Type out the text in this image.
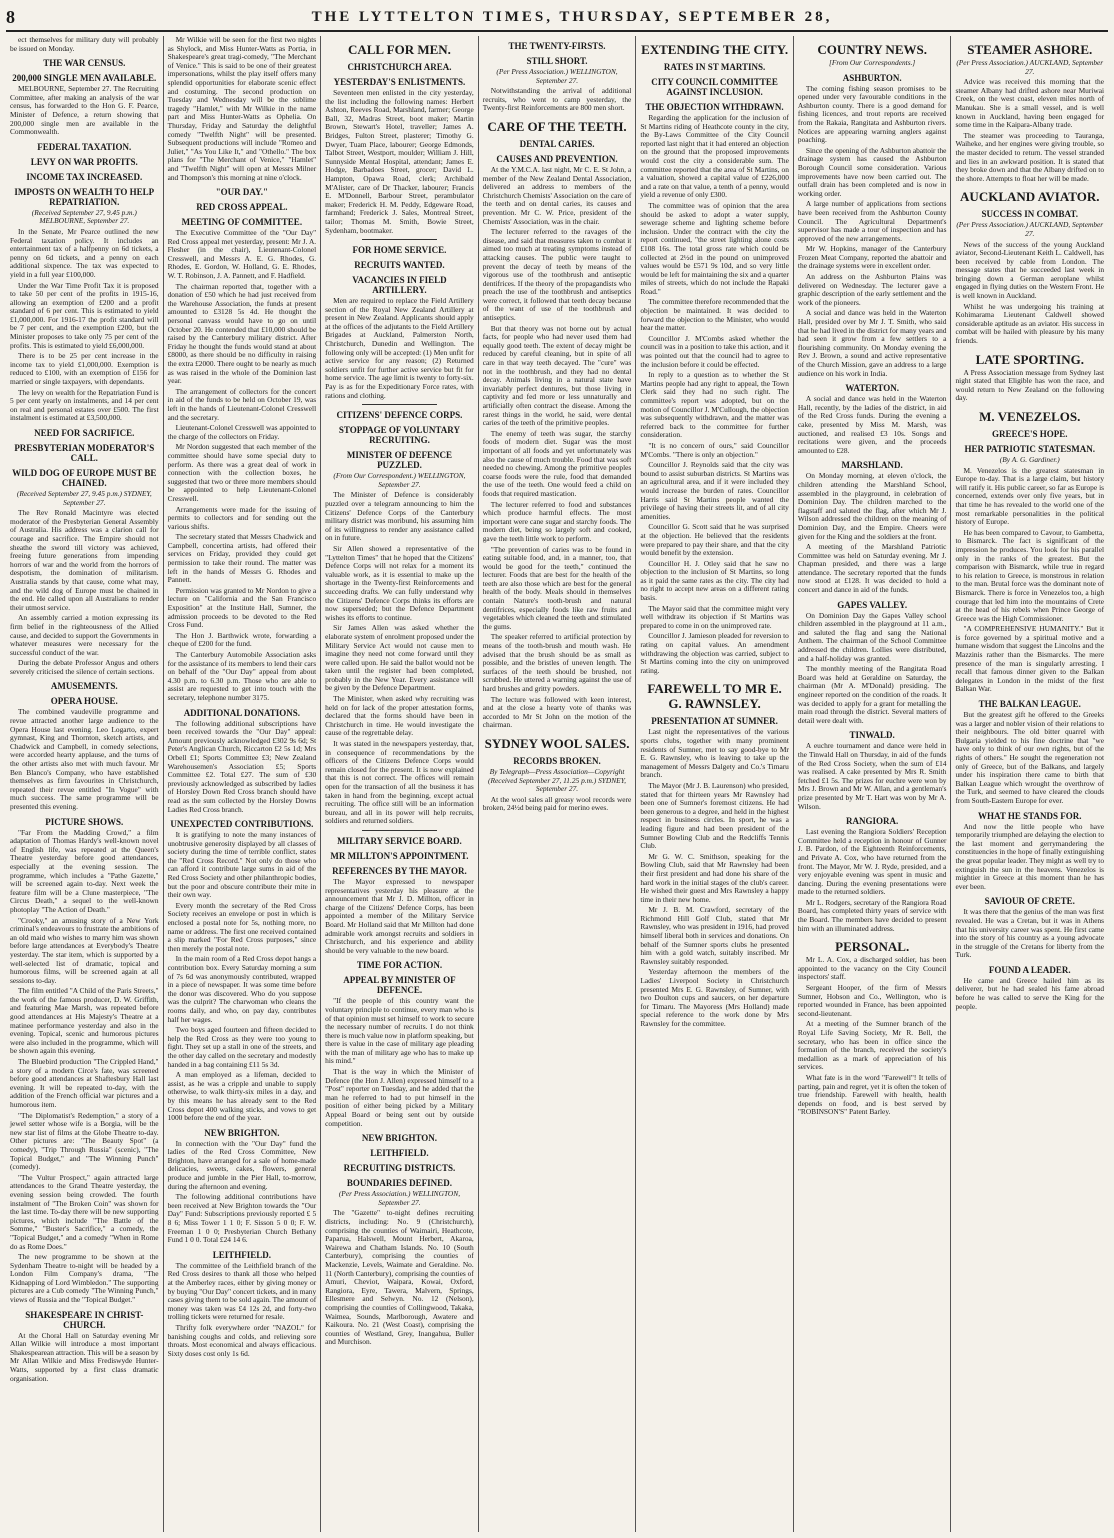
8	THE LYTTELTON TIMES, THURSDAY, SEPTEMBER 28,

ect themselves for military duty will probably be issued on Monday.

THE WAR CENSUS.
200,000 SINGLE MEN AVAILABLE.

MELBOURNE, September 27. The Recruiting Committee, after making an analysis of the war census, has forwarded to the Hon G. F. Pearce, Minister of Defence, a return showing that 200,000 single men are available in the Commonwealth.

FEDERAL TAXATION.
LEVY ON WAR PROFITS.
INCOME TAX INCREASED.
IMPOSTS ON WEALTH TO HELP REPATRIATION.
(Received September 27, 9.45 p.m.) MELBOURNE, September 27.

In the Senate, Mr Pearce outlined the new Federal taxation policy. It includes an entertainment tax of a halfpenny on 6d tickets, a penny on 6d tickets, and a penny on each additional sixpence. The tax was expected to yield in a full year £100,000.

Under the War Time Profit Tax it is proposed to take 50 per cent of the profits in 1915-16, allowing an exemption of £200 and a profit standard of 6 per cent. This is estimated to yield £1,000,000. For 1916-17 the profit standard will be 7 per cent, and the exemption £200, but the Minister proposes to take only 75 per cent of the profits. This is estimated to yield £6,000,000.

There is to be 25 per cent increase in the income tax to yield £1,000,000. Exemption is reduced to £100, with an exemption of £156 for married or single taxpayers, with dependants.

The levy on wealth for the Repatriation Fund is 5 per cent yearly on instalments, and 14 per cent on real and personal estates over £500. The first instalment is estimated at £3,500,000.

NEED FOR SACRIFICE.
PRESBYTERIAN MODERATOR'S CALL.
WILD DOG OF EUROPE MUST BE CHAINED.
(Received September 27, 9.45 p.m.) SYDNEY, September 27.

The Rev Ronald Macintyre was elected moderator of the Presbyterian General Assembly of Australia. His address was a clarion call for courage and sacrifice. The Empire should not sheathe the sword till victory was achieved, freeing future generations from impending horrors of war and the world from the horrors of despotism, the domination of militarism. Australia stands by that cause, come what may, and the wild dog of Europe must be chained in the end. He called upon all Australians to render their utmost service.

An assembly carried a motion expressing its firm belief in the righteousness of the Allied cause, and decided to support the Governments in whatever measures were necessary for the successful conduct of the war.

During the debate Professor Angus and others severely criticised the silence of certain sections.

AMUSEMENTS.
OPERA HOUSE.

The combined vaudeville programme and revue attracted another large audience to the Opera House last evening. Leo Logarto, expert gymnast, King and Thornton, sketch artists, and Chadwick and Campbell, in comedy selections, were accorded hearty applause, and the turns of the other artists also met with much favour. Mr Ben Blanco's Company, who have established themselves as firm favourites in Christchurch, repeated their revue entitled "In Vogue" with much success. The same programme will be presented this evening.

PICTURE SHOWS.

"Far From the Madding Crowd," a film adaptation of Thomas Hardy's well-known novel of English life, was repeated at the Queen's Theatre yesterday before good attendances, especially at the evening session. The programme, which includes a "Pathe Gazette," will be screened again to-day. Next week the feature film will be a Clune masterpiece, "The Circus Death," a sequel to the well-known photoplay "The Action of Death."

"Crooky," an amusing story of a New York criminal's endeavours to frustrate the ambitions of an old maid who wishes to marry him was shown before large attendances at Everybody's Theatre yesterday. The star item, which is supported by a well-selected list of dramatic, topical and humorous films, will be screened again at all sessions to-day.

The film entitled "A Child of the Paris Streets," the work of the famous producer, D. W. Griffith, and featuring Mae Marsh, was repeated before good attendances at His Majesty's Theatre at a matinee performance yesterday and also in the evening. Topical, scenic and humorous pictures were also included in the programme, which will be shown again this evening.

The Bluebird production "The Crippled Hand," a story of a modern Circe's fate, was screened before good attendances at Shaftesbury Hall last evening. It will be repeated to-day, with the addition of the French official war pictures and a humorous item.

"The Diplomatist's Redemption," a story of a jewel setter whose wife is a Borgia, will be the new star list of films at the Globe Theatre to-day. Other pictures are: "The Beauty Spot" (a comedy), "Trip Through Russia" (scenic), "The Topical Budget," and "The Winning Punch" (comedy).

"The Vultur Prospect," again attracted large attendances to the Grand Theatre yesterday, the evening session being crowded. The fourth instalment of "The Broken Coin" was shown for the last time. To-day there will be new supporting pictures, which include "The Battle of the Somme," "Buster's Sacrifice," a comedy, the "Topical Budget," and a comedy "When in Rome do as Rome Does."

The new programme to be shown at the Sydenham Theatre to-night will be headed by a London Film Company's drama, "The Kidnapping of Lord Wimbledon." The supporting pictures are a Cub comedy "The Winning Punch," views of Russia and the "Topical Budget."

SHAKESPEARE IN CHRIST-CHURCH.

At the Choral Hall on Saturday evening Mr Allan Wilkie will introduce a most important Shakespearean attraction. This will be a season by Mr Allan Wilkie and Miss Frediswyde Hunter-Watts, supported by a first class dramatic organisation.

Mr Wilkie will be seen for the first two nights as Shylock, and Miss Hunter-Watts as Portia, in Shakespeare's great tragi-comedy, "The Merchant of Venice." This is said to be one of their greatest impersonations, whilst the play itself offers many splendid opportunities for elaborate scenic effect and costuming. The second production on Tuesday and Wednesday will be the sublime tragedy "Hamlet," with Mr Wilkie in the name part and Miss Hunter-Watts as Ophelia. On Thursday, Friday and Saturday the delightful comedy "Twelfth Night" will be presented. Subsequent productions will include "Romeo and Juliet," "As You Like It," and "Othello." The box plans for "The Merchant of Venice," "Hamlet" and "Twelfth Night" will open at Messrs Milner and Thompson's this morning at nine o'clock.

"OUR DAY."
RED CROSS APPEAL.
MEETING OF COMMITTEE.

The Executive Committee of the "Our Day" Red Cross appeal met yesterday, present: Mr J. A. Flesher (in the chair), Lieutenant-Colonel Cresswell, and Messrs A. E. G. Rhodes, G. Rhodes, E. Gordon, W. Holland, G. E. Rhodes, W. T. Robinson, J. A. Pannett, and F. Hadfield.

The chairman reported that, together with a donation of £50 which he had just received from the Warehouse Association, the funds at present amounted to £3128 5s 4d. He thought the personal canvass would have to go on until October 20. He contended that £10,000 should be raised by the Canterbury military district. After Friday he thought the funds would stand at about £8000, as there should be no difficulty in raising the extra £2000. There ought to be nearly as much as was raised in the whole of the Dominion last year.

The arrangement of collectors for the concert in aid of the funds to be held on October 19, was left in the hands of Lieutenant-Colonel Cresswell and the secretary.

Lieutenant-Colonel Cresswell was appointed to the charge of the collectors on Friday.

Mr Nordon suggested that each member of the committee should have some special duty to perform. As there was a great deal of work in connection with the collection boxes, he suggested that two or three more members should be appointed to help Lieutenant-Colonel Cresswell.

Arrangements were made for the issuing of permits to collectors and for sending out the various shifts.

The secretary stated that Messrs Chadwick and Campbell, concertina artists, had offered their services on Friday, provided they could get permission to take their round. The matter was left in the hands of Messrs G. Rhodes and Pannett.

Permission was granted to Mr Nordon to give a lecture on "California and the San Francisco Exposition" at the Institute Hall, Sumner, the admission proceeds to be devoted to the Red Cross Fund.

The Hon J. Barthwick wrote, forwarding a cheque of £200 for the fund.

The Canterbury Automobile Association asks for the assistance of its members to lend their cars on behalf of the "Our Day" appeal from about 4.30 p.m. to 6.30 p.m. Those who are able to assist are requested to get into touch with the secretary, telephone number 3175.

ADDITIONAL DONATIONS.

The following additional subscriptions have been received towards the "Our Day" appeal: Amount previously acknowledged £302 9s 6d; St Peter's Anglican Church, Riccarton £2 5s 1d; Mrs Orbell £1; Sports Committee £3; New Zealand Warehousemen's Association £5; Sports Committee £2. Total £27. The sum of £30 previously acknowledged as subscribed by ladies of Horsley Down Red Cross branch should have read as the sum collected by the Horsley Downs Ladies Red Cross branch.

UNEXPECTED CONTRIBUTIONS.

It is gratifying to note the many instances of unobtrusive generosity displayed by all classes of society during the time of terrible conflict, states the "Red Cross Record." Not only do those who can afford it contribute large sums in aid of the Red Cross Society and other philanthropic bodies, but the poor and obscure contribute their mite in their own way.

Every month the secretary of the Red Cross Society receives an envelope or post in which is enclosed a postal note for 5s, nothing more, no name or address. The first one received contained a slip marked "For Red Cross purposes," since then merely the postal note.

In the main room of a Red Cross depot hangs a contribution box. Every Saturday morning a sum of 7s 6d was anonymously contributed, wrapped in a piece of newspaper. It was some time before the donor was discovered. Who do you suppose was the culprit? The charwoman who cleans the rooms daily, and who, on pay day, contributes half her wages.

Two boys aged fourteen and fifteen decided to help the Red Cross as they were too young to fight. They set up a stall in one of the streets, and the other day called on the secretary and modestly handed in a bag containing £11 5s 3d.

A man employed as a lifeman, decided to assist, as he was a cripple and unable to supply otherwise, to walk thirty-six miles in a day, and by this means he has already sent to the Red Cross depot 400 walking sticks, and vows to get 1000 before the end of the year.

NEW BRIGHTON.

In connection with the "Our Day" fund the ladies of the Red Cross Committee, New Brighton, have arranged for a sale of home-made delicacies, sweets, cakes, flowers, general produce and jumble in the Pier Hall, to-morrow, during the afternoon and evening.

The following additional contributions have been received at New Brighton towards the "Our Day" Fund: Subscriptions previously reported £ 5 8 6; Miss Tower 1 1 0; F. Sisson 5 0 0; F. W. Freeman 1 0 0; Presbyterian Church Bethany Fund 1 0 0. Total £24 14 6.

LEITHFIELD.

The committee of the Leithfield branch of the Red Cross desires to thank all those who helped at the Amberley races, either by giving money or by buying "Our Day" concert tickets, and in many cases giving them to be sold again. The amount of money was taken was £4 12s 2d, and forty-two trolling tickets were returned for resale.

Thrifty folk everywhere order "NAZOL" for banishing coughs and colds, and relieving sore throats. Most economical and always efficacious. Sixty doses cost only 1s 6d.

CALL FOR MEN.
CHRISTCHURCH AREA.
YESTERDAY'S ENLISTMENTS.

Seventeen men enlisted in the city yesterday, the list including the following names: Herbert Ashton, Reeves Road, Marshland, farmer; George Ball, 32, Madras Street, boot maker; Martin Brown, Stewart's Hotel, traveller; James A. Bridges, Fulton Street, plasterer; Timothy G. Dwyer, Tuam Place, labourer; George Edmonds, Talbot Street, Westport, moulder; William J. Hill, Sunnyside Mental Hospital, attendant; James E. Hodge, Barbadoes Street, grocer; David L. Hampton, Opawa Road, clerk; Archibald M'Alister, care of Dr Thacker, labourer; Francis E. M'Donnell, Barbour Street, perambulator maker; Frederick H. M. Peddy, Edgeware Road, farmhand; Frederick J. Sales, Montreal Street, tailor; Thomas M. Smith, Bowie Street, Sydenham, bootmaker.

FOR HOME SERVICE.
RECRUITS WANTED.
VACANCIES IN FIELD ARTILLERY.

Men are required to replace the Field Artillery section of the Royal New Zealand Artillery at present in New Zealand. Applicants should apply at the offices of the adjutants to the Field Artillery Brigades at Auckland, Palmerston North, Christchurch, Dunedin and Wellington. The following only will be accepted: (1) Men unfit for active service for any reason; (2) Returned soldiers unfit for further active service but fit for home service. The age limit is twenty to forty-six. Pay is as for the Expeditionary Force rates, with rations and clothing.

CITIZENS' DEFENCE CORPS.
STOPPAGE OF VOLUNTARY RECRUITING.
MINISTER OF DEFENCE PUZZLED.
(From Our Correspondent.) WELLINGTON, September 27.

The Minister of Defence is considerably puzzled over a telegram announcing to him the Citizens' Defence Corps of the Canterbury military district was moribund, his assuming him of its willingness to render any assistance called on in future.

Sir Allen showed a representative of the "Lyttelton Times" that he hoped that the Citizens' Defence Corps will not relax for a moment its valuable work, as it is essential to make up the shortage in the Twenty-first Reinforcements and succeeding drafts. We can fully understand why the Citizens' Defence Corps thinks its efforts are now superseded; but the Defence Department wishes its efforts to continue.

Sir James Allen was asked whether the elaborate system of enrolment proposed under the Military Service Act would not cause men to imagine they need not come forward until they were called upon. He said the ballot would not be taken until the register had been completed, probably in the New Year. Every assistance will be given by the Defence Department.

The Minister, when asked why recruiting was held on for lack of the proper attestation forms, declared that the forms should have been in Christchurch in time. He would investigate the cause of the regrettable delay.

It was stated in the newspapers yesterday, that, in consequence of recommendations by the officers of the Citizens Defence Corps would remain closed for the present. It is now explained that this is not correct. The offices will remain open for the transaction of all the business it has taken in hand from the beginning, except actual recruiting. The office still will be an information bureau, and all in its power will help recruits, soldiers and returned soldiers.

MILITARY SERVICE BOARD.
MR MILLTON'S APPOINTMENT.
REFERENCES BY THE MAYOR.

The Mayor expressed to newspaper representatives yesterday his pleasure at the announcement that Mr J. D. Millton, officer in charge of the Citizens' Defence Corps, has been appointed a member of the Military Service Board. Mr Holland said that Mr Millton had done admirable work amongst recruits and soldiers in Christchurch, and his experience and ability should be very valuable to the new board.

TIME FOR ACTION.
APPEAL BY MINISTER OF DEFENCE.

"If the people of this country want the voluntary principle to continue, every man who is of that opinion must set himself to work to secure the necessary number of recruits. I do not think there is much value now in platform speaking, but there is value in the case of military age pleading with the man of military age who has to make up his mind."

That is the way in which the Minister of Defence (the Hon J. Allen) expressed himself to a "Post" reporter on Tuesday, and he added that the man he referred to had to put himself in the position of either being picked by a Military Appeal Board or being sent out by outside competition.

NEW BRIGHTON.
LEITHFIELD.
RECRUITING DISTRICTS.
BOUNDARIES DEFINED.
(Per Press Association.) WELLINGTON, September 27.

The "Gazette" to-night defines recruiting districts, including: No. 9 (Christchurch), comprising the counties of Waimairi, Heathcote, Paparua, Halswell, Mount Herbert, Akaroa, Wairewa and Chatham Islands. No. 10 (South Canterbury), comprising the counties of Mackenzie, Levels, Waimate and Geraldine. No. 11 (North Canterbury), comprising the counties of Amuri, Cheviot, Waipara, Kowai, Oxford, Rangiora, Eyre, Tawera, Malvern, Springs, Ellesmere and Selwyn. No. 12 (Nelson), comprising the counties of Collingwood, Takaka, Waimea, Sounds, Marlborough, Awatere and Kaikoura. No. 21 (West Coast), comprising the counties of Westland, Grey, Inangahua, Buller and Murchison.

THE TWENTY-FIRSTS.
STILL SHORT.
(Per Press Association.) WELLINGTON, September 27.

Notwithstanding the arrival of additional recruits, who went to camp yesterday, the Twenty-first Reinforcements are 800 men short.

CARE OF THE TEETH.
DENTAL CARIES.
CAUSES AND PREVENTION.

At the Y.M.C.A. last night, Mr C. E. St John, a member of the New Zealand Dental Association, delivered an address to members of the Christchurch Chemists' Association on the care of the teeth and on dental caries, its causes and prevention. Mr C. W. Price, president of the Chemists' Association, was in the chair.

The lecturer referred to the ravages of the disease, and said that measures taken to combat it aimed too much at treating symptoms instead of attacking causes. The public were taught to prevent the decay of teeth by means of the vigorous use of the toothbrush and antiseptic dentifrices. If the theory of the propagandists who preach the use of the toothbrush and antiseptics were correct, it followed that teeth decay because of the want of use of the toothbrush and antiseptics.

But that theory was not borne out by actual facts, for people who had never used them had equally good teeth. The extent of decay might be reduced by careful cleaning, but in spite of all care in that way teeth decayed. The "cure" was not in the toothbrush, and they had no dental decay. Animals living in a natural state have invariably perfect dentures, but those living in captivity and fed more or less unnaturally and artificially often contract the disease. Among the rarest things in the world, he said, were dental caries of the teeth of the primitive peoples.

The enemy of teeth was sugar, the starchy foods of modern diet. Sugar was the most important of all foods and yet unfortunately was also the cause of much trouble. Food that was soft needed no chewing. Among the primitive peoples coarse foods were the rule, food that demanded the use of the teeth. One would feed a child on foods that required mastication.

The lecturer referred to food and substances which produce harmful effects. The most important were cane sugar and starchy foods. The modern diet, being so largely soft and cooked, gave the teeth little work to perform.

"The prevention of caries was to be found in eating suitable food, and, in a manner, too, that would be good for the teeth," continued the lecturer. Foods that are best for the health of the teeth are also those which are best for the general health of the body. Meals should in themselves contain Nature's tooth-brush and natural dentifrices, especially foods like raw fruits and vegetables which cleaned the teeth and stimulated the gums.

The speaker referred to artificial protection by means of the tooth-brush and mouth wash. He advised that the brush should be as small as possible, and the bristles of uneven length. The surfaces of the teeth should be brushed, not scrubbed. He uttered a warning against the use of hard brushes and gritty powders.

The lecture was followed with keen interest, and at the close a hearty vote of thanks was accorded to Mr St John on the motion of the chairman.

SYDNEY WOOL SALES.
RECORDS BROKEN.
By Telegraph—Press Association—Copyright (Received September 27, 11.25 p.m.) SYDNEY, September 27.

At the wool sales all greasy wool records were broken, 24½d being paid for merino ewes.

EXTENDING THE CITY.
RATES IN ST MARTINS.
CITY COUNCIL COMMITTEE AGAINST INCLUSION.
THE OBJECTION WITHDRAWN.

Regarding the application for the inclusion of St Martins riding of Heathcote county in the city, the By-Laws Committee of the City Council reported last night that it had entered an objection on the ground that the proposed improvements would cost the city a considerable sum. The committee reported that the area of St Martins, on a valuation, showed a capital value of £226,000 and a rate on that value, a tenth of a penny, would yield a revenue of only £300.

The committee was of opinion that the area should be asked to adopt a water supply, sewerage scheme and lighting scheme before inclusion. Under the contract with the city the report continued, "the street lighting alone costs £108 16s. The total gross rate which could be collected at 2½d in the pound on unimproved values would be £571 9s 10d, and so very little would be left for maintaining the six and a quarter miles of streets, which do not include the Rapaki Road."

The committee therefore recommended that the objection be maintained. It was decided to forward the objection to the Minister, who would hear the matter.

Councillor J. M'Combs asked whether the council was in a position to take this action, and it was pointed out that the council had to agree to the inclusion before it could be effected.

In reply to a question as to whether the St Martins people had any right to appeal, the Town Clerk said they had no such right. The committee's report was adopted, but on the motion of Councillor J. M'Cullough, the objection was subsequently withdrawn, and the matter was referred back to the committee for further consideration.

"It is no concern of ours," said Councillor M'Combs. "There is only an objection."

Councillor J. Reynolds said that the city was bound to assist suburban districts. St Martins was an agricultural area, and if it were included they would increase the burden of rates. Councillor Harris said St Martins people wanted the privilege of having their streets lit, and of all city amenities.

Councillor G. Scott said that he was surprised at the objection. He believed that the residents were prepared to pay their share, and that the city would benefit by the extension.

Councillor H. J. Otley said that he saw no objection to the inclusion of St Martins, so long as it paid the same rates as the city. The city had no right to accept new areas on a different rating basis.

The Mayor said that the committee might very well withdraw its objection if St Martins was prepared to come in on the unimproved rate.

Councillor J. Jamieson pleaded for reversion to rating on capital values. An amendment withdrawing the objection was carried, subject to St Martins coming into the city on unimproved rating.

FAREWELL TO MR E. G. RAWNSLEY.
PRESENTATION AT SUMNER.

Last night the representatives of the various sports clubs, together with many prominent residents of Sumner, met to say good-bye to Mr E. G. Rawnsley, who is leaving to take up the management of Messrs Dalgety and Co.'s Timaru branch.

The Mayor (Mr J. B. Laurenson) who presided, stated that for thirteen years Mr Rawnsley had been one of Sumner's foremost citizens. He had been generous to a degree, and held in the highest respect in business circles. In sport, he was a leading figure and had been president of the Sumner Bowling Club and the Redcliffs Tennis Club.

Mr G. W. C. Smithson, speaking for the Bowling Club, said that Mr Rawnsley had been their first president and had done his share of the hard work in the initial stages of the club's career. He wished their guest and Mrs Rawnsley a happy time in their new home.

Mr J. B. M. Crawford, secretary of the Richmond Hill Golf Club, stated that Mr Rawnsley, who was president in 1916, had proved himself liberal both in services and donations. On behalf of the Sumner sports clubs he presented him with a gold watch, suitably inscribed. Mr Rawnsley suitably responded.

Yesterday afternoon the members of the Ladies' Liverpool Society in Christchurch presented Mrs E. G. Rawnsley, of Sumner, with two Doulton cups and saucers, on her departure for Timaru. The Mayoress (Mrs Holland) made special reference to the work done by Mrs Rawnsley for the committee.

COUNTRY NEWS.
[From Our Correspondents.]
ASHBURTON.

The coming fishing season promises to be opened under very favourable conditions in the Ashburton county. There is a good demand for fishing licences, and trout reports are received from the Rakaia, Rangitata and Ashburton rivers. Notices are appearing warning anglers against poaching.

Since the opening of the Ashburton abattoir the drainage system has caused the Ashburton Borough Council some consideration. Various improvements have now been carried out. The outfall drain has been completed and is now in working order.

A large number of applications from sections have been received from the Ashburton County Council. The Agricultural Department's supervisor has made a tour of inspection and has approved of the new arrangements.

Mr W. Hopkins, manager of the Canterbury Frozen Meat Company, reported the abattoir and the drainage systems were in excellent order.

An address on the Ashburton Plains was delivered on Wednesday. The lecturer gave a graphic description of the early settlement and the work of the pioneers.

A social and dance was held in the Waterton Hall, presided over by Mr J. T. Smith, who said that he had lived in the district for many years and had seen it grow from a few settlers to a flourishing community. On Monday evening the Rev J. Brown, a sound and active representative of the Church Mission, gave an address to a large audience on his work in India.

WATERTON.

A social and dance was held in the Waterton Hall, recently, by the ladies of the district, in aid of the Red Cross funds. During the evening a cake, presented by Miss M. Marsh, was auctioned, and realised £3 10s. Songs and recitations were given, and the proceeds amounted to £28.

MARSHLAND.

On Monday morning, at eleven o'clock, the children attending the Marshland School, assembled in the playground, in celebration of Dominion Day. The children marched to the flagstaff and saluted the flag, after which Mr J. Wilson addressed the children on the meaning of Dominion Day, and the Empire. Cheers were given for the King and the soldiers at the front.

A meeting of the Marshland Patriotic Committee was held on Saturday evening. Mr J. Chapman presided, and there was a large attendance. The secretary reported that the funds now stood at £128. It was decided to hold a concert and dance in aid of the funds.

GAPES VALLEY.

On Dominion Day the Gapes Valley school children assembled in the playground at 11 a.m., and saluted the flag and sang the National Anthem. The chairman of the School Committee addressed the children. Lollies were distributed, and a half-holiday was granted.

The monthly meeting of the Rangitata Road Board was held at Geraldine on Saturday, the chairman (Mr A. M'Donald) presiding. The engineer reported on the condition of the roads. It was decided to apply for a grant for metalling the main road through the district. Several matters of detail were dealt with.

TINWALD.

A euchre tournament and dance were held in the Tinwald Hall on Thursday, in aid of the funds of the Red Cross Society, when the sum of £14 was realised. A cake presented by Mrs R. Smith fetched £1 5s. The prizes for euchre were won by Mrs J. Brown and Mr W. Allan, and a gentleman's prize presented by Mr T. Hart was won by Mr A. Wilson.

RANGIORA.

Last evening the Rangiora Soldiers' Reception Committee held a reception in honour of Gunner J. B. Pardon, of the Eighteenth Reinforcements, and Private A. Cox, who have returned from the front. The Mayor, Mr W. J. Ryde, presided, and a very enjoyable evening was spent in music and dancing. During the evening presentations were made to the returned soldiers.

Mr L. Rodgers, secretary of the Rangiora Road Board, has completed thirty years of service with the Board. The members have decided to present him with an illuminated address.

PERSONAL.

Mr L. A. Cox, a discharged soldier, has been appointed to the vacancy on the City Council inspectors' staff.

Sergeant Hooper, of the firm of Messrs Sumner, Hobson and Co., Wellington, who is reported wounded in France, has been appointed second-lieutenant.

At a meeting of the Sumner branch of the Royal Life Saving Society, Mr R. Bell, the secretary, who has been in office since the formation of the branch, received the society's medallion as a mark of appreciation of his services.

What fate is in the word "Farewell"! It tells of parting, pain and regret, yet it is often the token of true friendship. Farewell with health, health depends on food, and is best served by "ROBINSON'S" Patent Barley.

STEAMER ASHORE.
(Per Press Association.) AUCKLAND, September 27.

Advice was received this morning that the steamer Albany had drifted ashore near Muriwai Creek, on the west coast, eleven miles north of Manukau. She is a small vessel, and is well known in Auckland, having been engaged for some time in the Kaipara-Albany trade.

The steamer was proceeding to Tauranga, Waiheke, and her engines were giving trouble, so the master decided to return. The vessel stranded and lies in an awkward position. It is stated that they broke down and that the Albany drifted on to the shore. Attempts to float her will be made.

AUCKLAND AVIATOR.
SUCCESS IN COMBAT.
(Per Press Association.) AUCKLAND, September 27.

News of the success of the young Auckland aviator, Second-Lieutenant Keith L. Caldwell, has been received by cable from London. The message states that he succeeded last week in bringing down a German aeroplane whilst engaged in flying duties on the Western Front. He is well known in Auckland.

Whilst he was undergoing his training at Kohimarama Lieutenant Caldwell showed considerable aptitude as an aviator. His success in combat will be hailed with pleasure by his many friends.

LATE SPORTING.

A Press Association message from Sydney last night stated that Eligible has won the race, and would return to New Zealand on the following day.

M. VENEZELOS.
GREECE'S HOPE.
HER PATRIOTIC STATESMAN.
(By A. G. Gardiner.)

M. Venezelos is the greatest statesman in Europe to-day. That is a large claim, but history will ratify it. His public career, so far as Europe is concerned, extends over only five years, but in that time he has revealed to the world one of the most remarkable personalities in the political history of Europe.

He has been compared to Cavour, to Gambetta, to Bismarck. The fact is significant of the impression he produces. You look for his parallel only in the ranks of the greatest. But the comparison with Bismarck, while true in regard to his relation to Greece, is monstrous in relation to the man. Brutal force was the dominant note of Bismarck. There is force in Venezelos too, a high courage that led him into the mountains of Crete at the head of his rebels when Prince George of Greece was the High Commissioner.

"A COMPREHENSIVE HUMANITY." But it is force governed by a spiritual motive and a humane wisdom that suggest the Lincolns and the Mazzinis rather than the Bismarcks. The mere presence of the man is singularly arresting. I recall that famous dinner given to the Balkan delegates in London in the midst of the first Balkan War.

THE BALKAN LEAGUE.

But the greatest gift he offered to the Greeks was a larger and nobler vision of their relations to their neighbours. The old bitter quarrel with Bulgaria yielded to his fine doctrine that "we have only to think of our own rights, but of the rights of others." He sought the regeneration not only of Greece, but of the Balkans, and largely under his inspiration there came to birth that Balkan League which wrought the overthrow of the Turk, and seemed to have cleared the clouds from South-Eastern Europe for ever.

WHAT HE STANDS FOR.

And now the little people who have temporarily triumphed are delaying the election to the last moment and gerrymandering the constituencies in the hope of finally extinguishing the great popular leader. They might as well try to extinguish the sun in the heavens. Venezelos is mightier in Greece at this moment than he has ever been.

SAVIOUR OF CRETE.

It was there that the genius of the man was first revealed. He was a Cretan, but it was in Athens that his university career was spent. He first came into the story of his country as a young advocate in the struggle of the Cretans for liberty from the Turk.

FOUND A LEADER.

He came and Greece hailed him as its deliverer, but he had sealed his fame abroad before he was called to serve the King for the people.
